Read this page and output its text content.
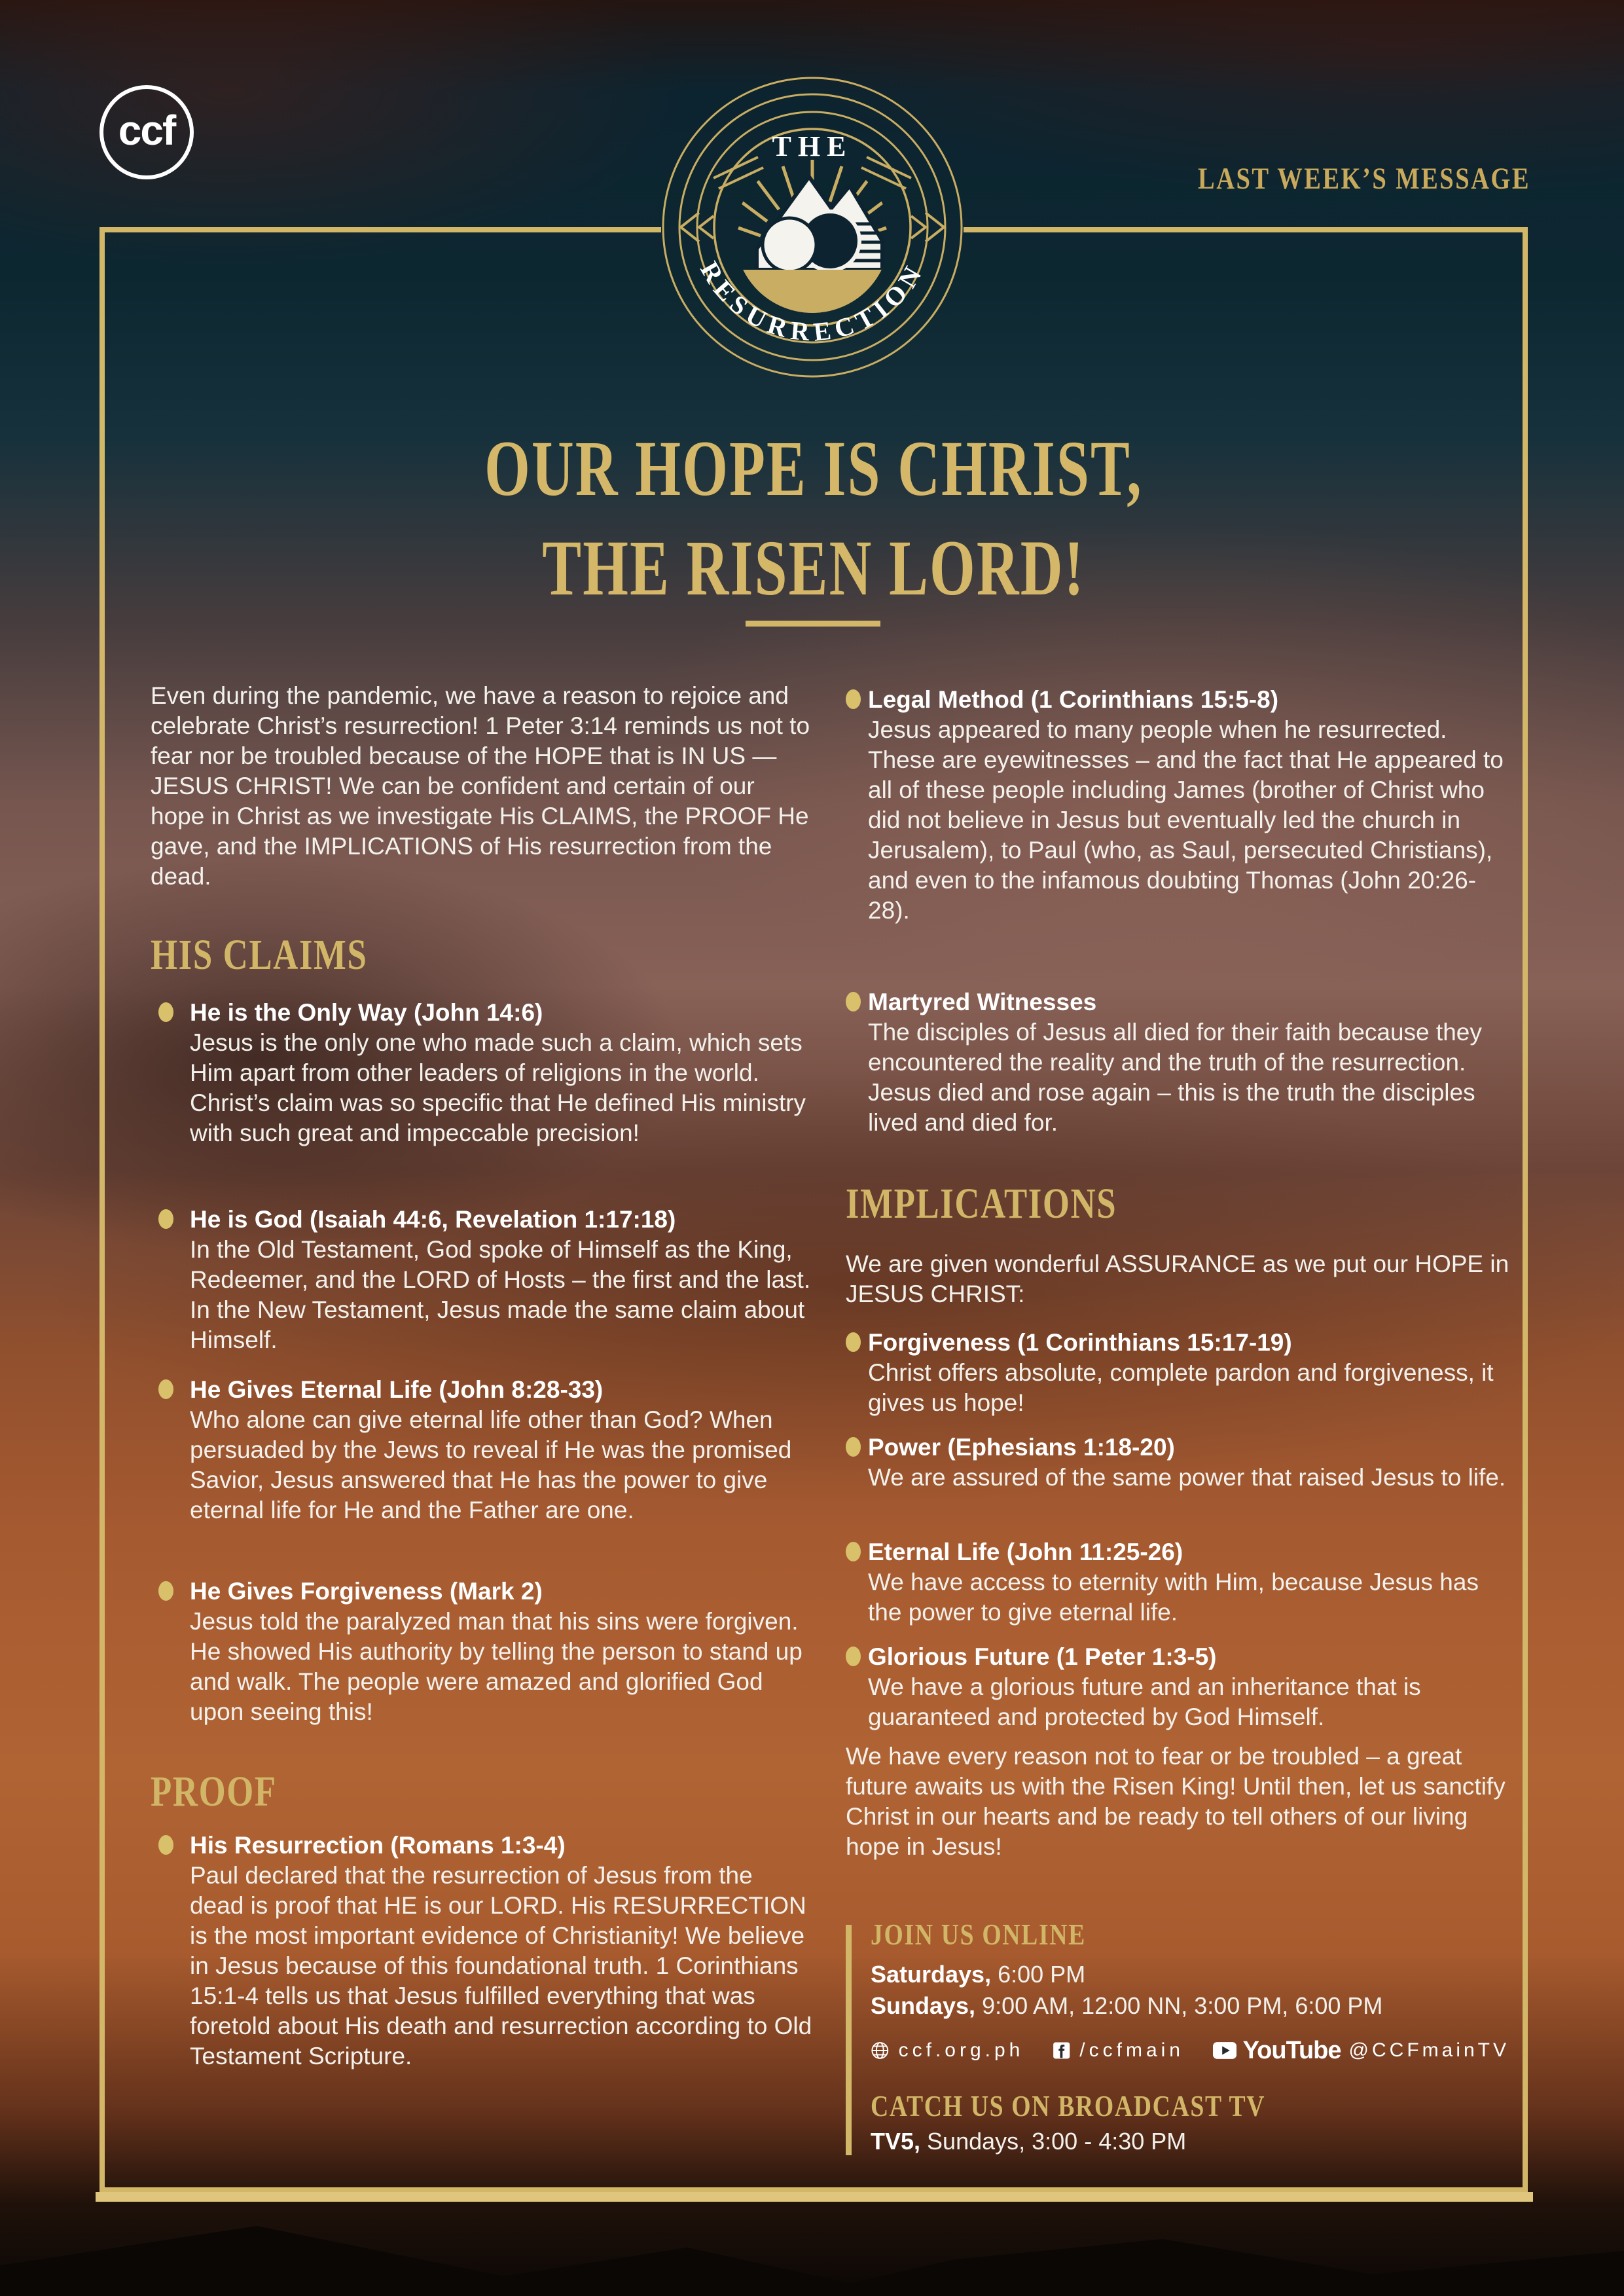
ccf
LAST WEEK’S MESSAGE
THE
RESURRECTION
OUR HOPE IS CHRIST,
THE RISEN LORD!
Even during the pandemic, we have a reason to rejoice and celebrate Christ’s resurrection! 1 Peter 3:14 reminds us not to fear nor be troubled because of the HOPE that is IN US — JESUS CHRIST! We can be confident and certain of our hope in Christ as we investigate His CLAIMS, the PROOF He gave, and the IMPLICATIONS of His resurrection from the dead.
HIS CLAIMS
He is the Only Way (John 14:6)
Jesus is the only one who made such a claim, which sets Him apart from other leaders of religions in the world. Christ’s claim was so specific that He defined His ministry with such great and impeccable precision!
He is God (Isaiah 44:6, Revelation 1:17:18)
In the Old Testament, God spoke of Himself as the King, Redeemer, and the LORD of Hosts – the first and the last. In the New Testament, Jesus made the same claim about Himself.
He Gives Eternal Life (John 8:28-33)
Who alone can give eternal life other than God? When persuaded by the Jews to reveal if He was the promised Savior, Jesus answered that He has the power to give eternal life for He and the Father are one.
He Gives Forgiveness (Mark 2)
Jesus told the paralyzed man that his sins were forgiven. He showed His authority by telling the person to stand up and walk. The people were amazed and glorified God upon seeing this!
PROOF
His Resurrection (Romans 1:3-4)
Paul declared that the resurrection of Jesus from the dead is proof that HE is our LORD. His RESURRECTION is the most important evidence of Christianity! We believe in Jesus because of this foundational truth. 1 Corinthians 15:1-4 tells us that Jesus fulfilled everything that was foretold about His death and resurrection according to Old Testament Scripture.
Legal Method (1 Corinthians 15:5-8)
Jesus appeared to many people when he resurrected. These are eyewitnesses – and the fact that He appeared to all of these people including James (brother of Christ who did not believe in Jesus but eventually led the church in Jerusalem), to Paul (who, as Saul, persecuted Christians), and even to the infamous doubting Thomas (John 20:26-28).
Martyred Witnesses
The disciples of Jesus all died for their faith because they encountered the reality and the truth of the resurrection. Jesus died and rose again – this is the truth the disciples lived and died for.
IMPLICATIONS
We are given wonderful ASSURANCE as we put our HOPE in JESUS CHRIST:
Forgiveness (1 Corinthians 15:17-19)
Christ offers absolute, complete pardon and forgiveness, it gives us hope!
Power (Ephesians 1:18-20)
We are assured of the same power that raised Jesus to life.
Eternal Life (John 11:25-26)
We have access to eternity with Him, because Jesus has the power to give eternal life.
Glorious Future (1 Peter 1:3-5)
We have a glorious future and an inheritance that is guaranteed and protected by God Himself.
We have every reason not to fear or be troubled – a great future awaits us with the Risen King! Until then, let us sanctify Christ in our hearts and be ready to tell others of our living hope in Jesus!
JOIN US ONLINE
Saturdays, 6:00 PM
Sundays, 9:00 AM, 12:00 NN, 3:00 PM, 6:00 PM
ccf.org.ph	/ccfmain YouTube @CCFmainTV
CATCH US ON BROADCAST TV
TV5, Sundays, 3:00 - 4:30 PM
